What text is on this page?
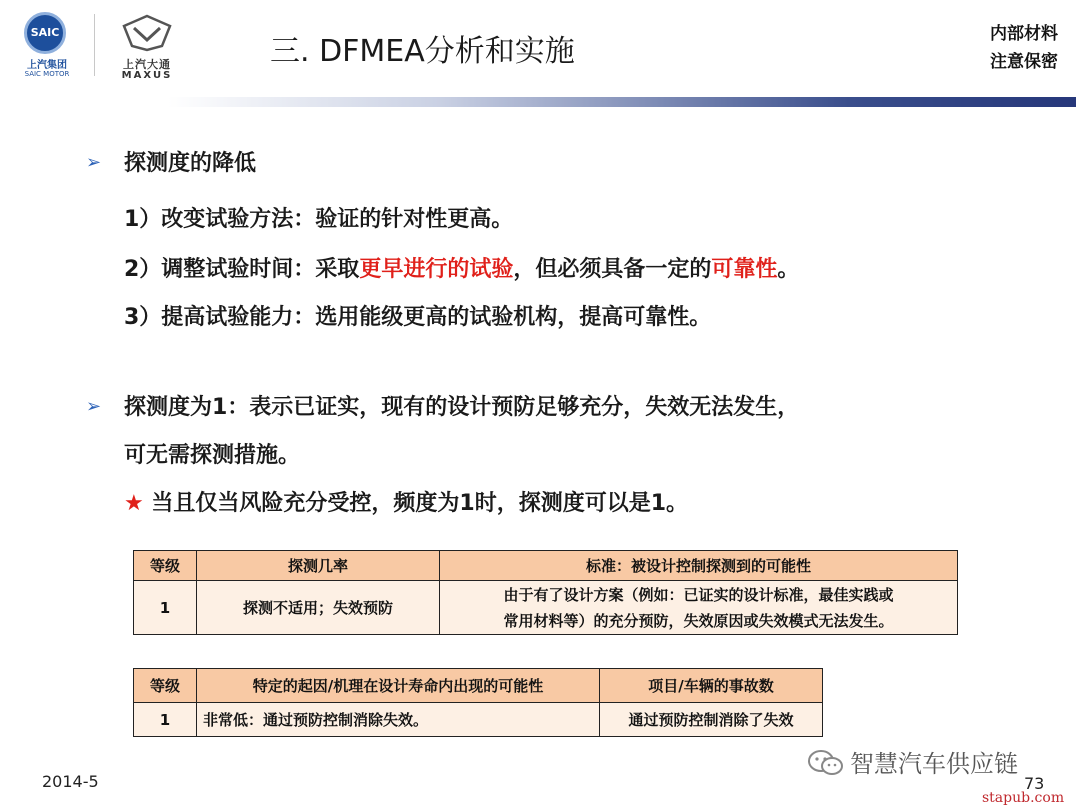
SAIC
上汽集团
SAIC MOTOR
上汽大通
MAXUS
三. DFMEA分析和实施	内部材料
注意保密
➢ 探测度的降低
1）改变试验方法：验证的针对性更高。
2）调整试验时间：采取更早进行的试验，但必须具备一定的可靠性。
3）提高试验能力：选用能级更高的试验机构，提高可靠性。
➢ 探测度为1：表示已证实，现有的设计预防足够充分，失效无法发生，
可无需探测措施。
★ 当且仅当风险充分受控，频度为1时，探测度可以是1。
等级	探测几率	标准：被设计控制探测到的可能性
1	探测不适用；失效预防	由于有了设计方案（例如：已证实的设计标准，最佳实践或
常用材料等）的充分预防，失效原因或失效模式无法发生。
等级	特定的起因/机理在设计寿命内出现的可能性	项目/车辆的事故数
1	非常低：通过预防控制消除失效。	通过预防控制消除了失效
2014-5
智慧汽车供应链
73
stapub.com
